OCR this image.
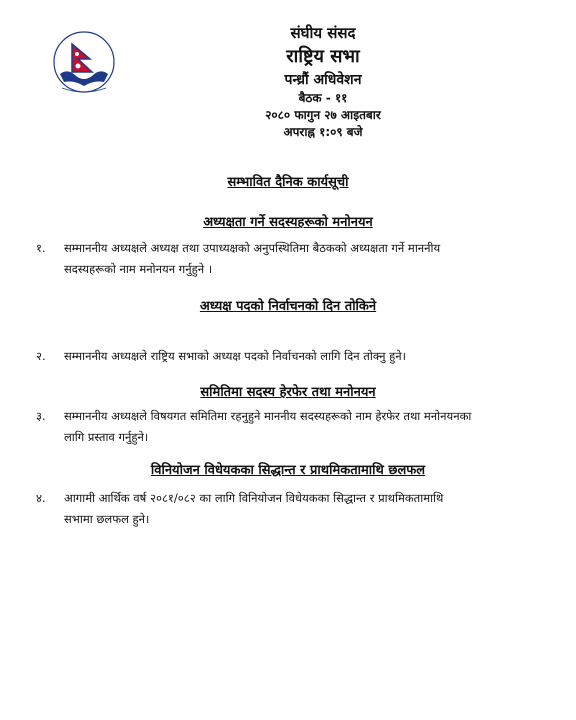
संघीय संसद
राष्ट्रिय सभा
पन्ध्रौं अधिवेशन
बैठक - ११
२०८० फागुन २७ आइतबार
अपराह्न १:०९ बजे
सम्भावित दैनिक कार्यसूची
अध्यक्षता गर्ने सदस्यहरूको मनोनयन
१. सम्माननीय अध्यक्षले अध्यक्ष तथा उपाध्यक्षको अनुपस्थितिमा बैठकको अध्यक्षता गर्ने माननीय
सदस्यहरूको नाम मनोनयन गर्नुहुने ।
अध्यक्ष पदको निर्वाचनको दिन तोकिने
२. सम्माननीय अध्यक्षले राष्ट्रिय सभाको अध्यक्ष पदको निर्वाचनको लागि दिन तोक्नु हुने।
समितिमा सदस्य हेरफेर तथा मनोनयन
३. सम्माननीय अध्यक्षले विषयगत समितिमा रहनुहुने माननीय सदस्यहरूको नाम हेरफेर तथा मनोनयनका
लागि प्रस्ताव गर्नुहुने।
विनियोजन विधेयकका सिद्धान्त र प्राथमिकतामाथि छलफल
४. आगामी आर्थिक वर्ष २०८१/०८२ का लागि विनियोजन विधेयकका सिद्धान्त र प्राथमिकतामाथि
सभामा छलफल हुने।
